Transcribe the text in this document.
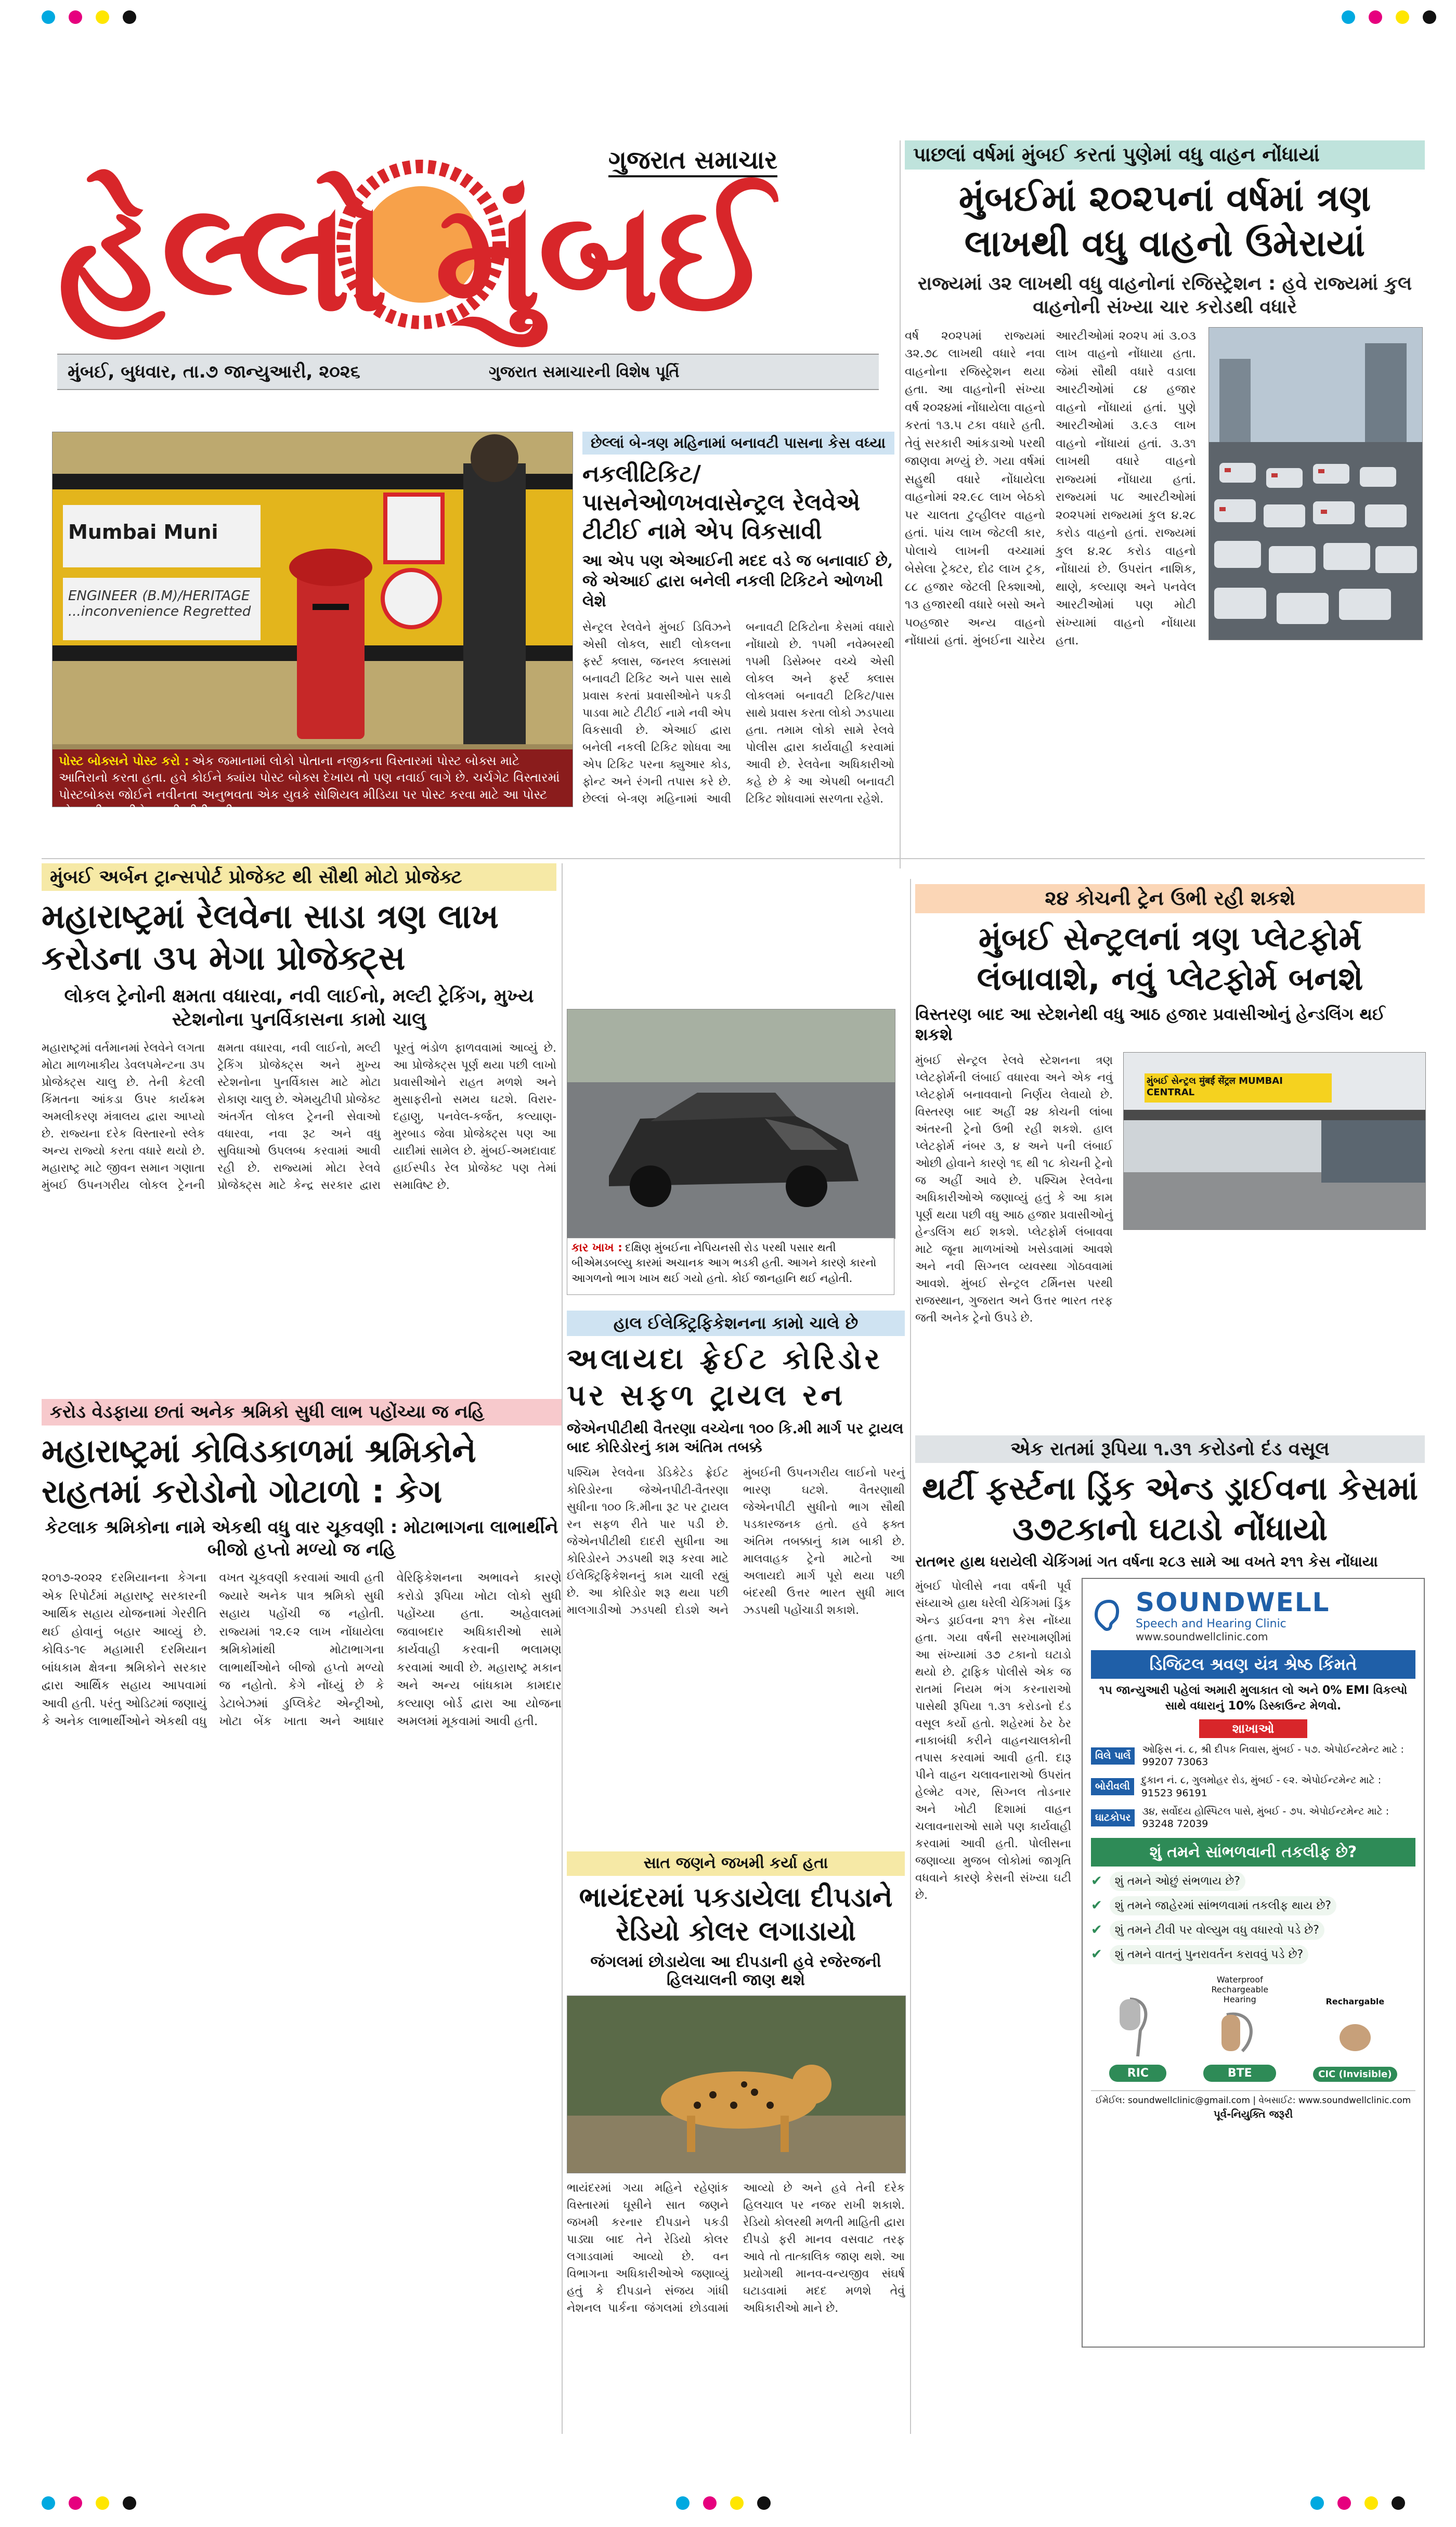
ગુજરાત સમાચાર
હેલ્લો મુંબઈ
મુંબઈ, બુધવાર, તા.૭ જાન્યુઆરી, ૨૦૨૬	ગુજરાત સમાચારની વિશેષ પૂર્તિ
પાછલાં વર્ષમાં મુંબઈ કરતાં પુણેમાં વધુ વાહન નોંધાયાં
મુંબઈમાં ૨૦૨૫નાં વર્ષમાં ત્રણ લાખથી વધુ વાહનો ઉમેરાયાં
રાજ્યમાં ૩૨ લાખથી વધુ વાહનોનાં રજિસ્ટ્રેશન : હવે રાજ્યમાં કુલ વાહનોની સંખ્યા ચાર કરોડથી વધારે
વર્ષ ૨૦૨૫માં રાજ્યમાં ૩૨.૭૮ લાખથી વધારે નવા વાહનોના રજિસ્ટ્રેશન થયા હતા. આ વાહનોની સંખ્યા વર્ષ ૨૦૨૪માં નોંધાયેલા વાહનો કરતાં ૧૩.૫ ટકા વધારે હતી. તેવું સરકારી આંકડાઓ પરથી જાણવા મળ્યું છે. ગયા વર્ષમાં સહુથી વધારે નોંધાયેલા વાહનોમાં ૨૨.૯૮ લાખ બેઠકો પર ચાલતા ટુવ્હીલર વાહનો હતાં. પાંચ લાખ જેટલી કાર, પોલાચે લાખની વચ્ચામાં બેસેલા ટ્રેક્ટર, દોઢ લાખ ટ્રક, ૮૮ હજાર જેટલી રિક્શાઓ, ૧૩ હજારથી વધારે બસો અને ૫૦હજાર અન્ય વાહનો નોંધાયાં હતાં. મુંબઈના ચારેય આરટીઓમાં ૨૦૨૫ માં ૩.૦૩ લાખ વાહનો નોંધાયા હતા. જેમાં સૌથી વધારે વડાલા આરટીઓમાં ૮૪ હજાર વાહનો નોંધાયાં હતાં. પુણે આરટીઓમાં ૩.૯૩ લાખ વાહનો નોંધાયાં હતાં. ૩.૩૧ લાખથી વધારે વાહનો રાજ્યમાં નોંધાયા હતાં. રાજ્યમાં ૫૮ આરટીઓમાં ૨૦૨૫માં રાજ્યમાં કુલ ૪.૨૮ કરોડ વાહનો હતાં. રાજ્યમાં કુલ ૪.૨૮ કરોડ વાહનો નોંધાયાં છે. ઉપરાંત નાશિક, થાણે, કલ્યાણ અને પનવેલ આરટીઓમાં પણ મોટી સંખ્યામાં વાહનો નોંધાયા હતા.
Mumbai Muni
ENGINEER (B.M)/HERITAGE ...inconvenience Regretted
પોસ્ટ બોક્સને પોસ્ટ કરો : એક જમાનામાં લોકો પોતાના નજીકના વિસ્તારમાં પોસ્ટ બોક્સ માટે આતિરાનો કરતા હતા. હવે કોઈને ક્યાંય પોસ્ટ બોક્સ દેખાય તો પણ નવાઈ લાગે છે. ચર્ચગેટ વિસ્તારમાં પોસ્ટબોક્સ જોઈને નવીનતા અનુભવતા એક યુવકે સોશિયલ મીડિયા પર પોસ્ટ કરવા માટે આ પોસ્ટ બોક્સની તસવીરો ઝડપી લીધી હતી.
છેલ્લાં બે-ત્રણ મહિનામાં બનાવટી પાસના કેસ વધ્યા
નકલીટિકિટ/પાસનેઓળખવાસેન્ટ્રલ રેલવેએ ટીટીઈ નામે એપ વિકસાવી
આ એપ પણ એઆઈની મદદ વડે જ બનાવાઈ છે, જે એઆઈ દ્વારા બનેલી નકલી ટિકિટને ઓળખી લેશે
સેન્ટ્રલ રેલવેને મુંબઈ ડિવિઝને એસી લોકલ, સાદી લોકલના ફર્સ્ટ ક્લાસ, જનરલ ક્લાસમાં બનાવટી ટિકિટ અને પાસ સાથે પ્રવાસ કરતાં પ્રવાસીઓને પકડી પાડવા માટે ટીટીઈ નામે નવી એપ વિકસાવી છે. એઆઈ દ્વારા બનેલી નકલી ટિકિટ શોધવા આ એપ ટિકિટ પરના ક્યુઆર કોડ, ફોન્ટ અને રંગની તપાસ કરે છે. છેલ્લાં બે-ત્રણ મહિનામાં આવી બનાવટી ટિકિટોના કેસમાં વધારો નોંધાયો છે. ૧૫મી નવેમ્બરથી ૧૫મી ડિસેમ્બર વચ્ચે એસી લોકલ અને ફર્સ્ટ ક્લાસ લોકલમાં બનાવટી ટિકિટ/પાસ સાથે પ્રવાસ કરતા લોકો ઝડપાયા હતા. તમામ લોકો સામે રેલવે પોલીસ દ્વારા કાર્યવાહી કરવામાં આવી છે. રેલવેના અધિકારીઓ કહે છે કે આ એપથી બનાવટી ટિકિટ શોધવામાં સરળતા રહેશે.
મુંબઈ અર્બન ટ્રાન્સપોર્ટ પ્રોજેક્ટ થી સૌથી મોટો પ્રોજેક્ટ
મહારાષ્ટ્રમાં રેલવેના સાડા ત્રણ લાખ કરોડના ૩૫ મેગા પ્રોજેક્ટ્સ
લોકલ ટ્રેનોની ક્ષમતા વધારવા, નવી લાઈનો, મલ્ટી ટ્રેકિંગ, મુખ્ય સ્ટેશનોના પુનર્વિકાસના કામો ચાલુ
મહારાષ્ટ્રમાં વર્તમાનમાં રેલવેને લગતા મોટા માળખાકીય ડેવલપમેન્ટના ૩૫ પ્રોજેક્ટ્સ ચાલુ છે. તેની કેટલી કિંમતના આંકડા ઉપર કાર્યક્રમ અમલીકરણ મંત્રાલય દ્વારા આપ્યો છે. રાજ્યના દરેક વિસ્તારનો સ્લેક અન્ય રાજ્યો કરતા વધારે થયો છે. મહારાષ્ટ્ર માટે જીવન સમાન ગણાતા મુંબઈ ઉપનગરીય લોકલ ટ્રેનની ક્ષમતા વધારવા, નવી લાઈનો, મલ્ટી ટ્રેકિંગ પ્રોજેક્ટ્સ અને મુખ્ય સ્ટેશનોના પુનર્વિકાસ માટે મોટા રોકાણ ચાલુ છે. એમયુટીપી પ્રોજેક્ટ અંતર્ગત લોકલ ટ્રેનની સેવાઓ વધારવા, નવા રૂટ અને વધુ સુવિધાઓ ઉપલબ્ધ કરવામાં આવી રહી છે. રાજ્યમાં મોટા રેલવે પ્રોજેક્ટ્સ માટે કેન્દ્ર સરકાર દ્વારા પૂરતું ભંડોળ ફાળવવામાં આવ્યું છે. આ પ્રોજેક્ટ્સ પૂર્ણ થયા પછી લાખો પ્રવાસીઓને રાહત મળશે અને મુસાફરીનો સમય ઘટશે. વિરાર-દહાણુ, પનવેલ-કર્જત, કલ્યાણ-મુરબાડ જેવા પ્રોજેક્ટ્સ પણ આ યાદીમાં સામેલ છે. મુંબઈ-અમદાવાદ હાઈસ્પીડ રેલ પ્રોજેક્ટ પણ તેમાં સમાવિષ્ટ છે.
કાર ખાખ : દક્ષિણ મુંબઈના નેપિયનસી રોડ પરથી પસાર થતી બીએમડબલ્યુ કારમાં અચાનક આગ ભડકી હતી. આગને કારણે કારનો આગળનો ભાગ ખાખ થઈ ગયો હતો. કોઈ જાનહાનિ થઈ નહોતી.
હાલ ઈલેક્ટ્રિફિકેશનના કામો ચાલે છે
અલાયદા ફ્રેઈટ કોરિડોર પર સફળ ટ્રાયલ રન
જેએનપીટીથી વૈતરણા વચ્ચેના ૧૦૦ કિ.મી માર્ગ પર ટ્રાયલ બાદ કોરિડોરનું કામ અંતિમ તબક્કે
પશ્ચિમ રેલવેના ડેડિકેટેડ ફ્રેઈટ કોરિડોરના જેએનપીટી-વૈતરણા સુધીના ૧૦૦ કિ.મીના રૂટ પર ટ્રાયલ રન સફળ રીતે પાર પડી છે. જેએનપીટીથી દાદરી સુધીના આ કોરિડોરને ઝડપથી શરૂ કરવા માટે ઈલેક્ટ્રિફિકેશનનું કામ ચાલી રહ્યું છે. આ કોરિડોર શરૂ થયા પછી માલગાડીઓ ઝડપથી દોડશે અને મુંબઈની ઉપનગરીય લાઈનો પરનું ભારણ ઘટશે. વૈતરણાથી જેએનપીટી સુધીનો ભાગ સૌથી પડકારજનક હતો. હવે ફક્ત અંતિમ તબક્કાનું કામ બાકી છે. માલવાહક ટ્રેનો માટેનો આ અલાયદો માર્ગ પૂરો થયા પછી બંદરથી ઉત્તર ભારત સુધી માલ ઝડપથી પહોંચાડી શકાશે.
૨૪ કોચની ટ્રેન ઉભી રહી શકશે
મુંબઈ સેન્ટ્રલનાં ત્રણ પ્લેટફોર્મ લંબાવાશે, નવું પ્લેટફોર્મ બનશે
વિસ્તરણ બાદ આ સ્ટેશનેથી વધુ આઠ હજાર પ્રવાસીઓનું હેન્ડલિંગ થઈ શકશે
મુંબઈ સેન્ટ્રલ રેલવે સ્ટેશનના ત્રણ પ્લેટફોર્મની લંબાઈ વધારવા અને એક નવું પ્લેટફોર્મ બનાવવાનો નિર્ણય લેવાયો છે. વિસ્તરણ બાદ અહીં ૨૪ કોચની લાંબા અંતરની ટ્રેનો ઉભી રહી શકશે. હાલ પ્લેટફોર્મ નંબર ૩, ૪ અને ૫ની લંબાઈ ઓછી હોવાને કારણે ૧૬ થી ૧૮ કોચની ટ્રેનો જ અહીં આવે છે. પશ્ચિમ રેલવેના અધિકારીઓએ જણાવ્યું હતું કે આ કામ પૂર્ણ થયા પછી વધુ આઠ હજાર પ્રવાસીઓનું હેન્ડલિંગ થઈ શકશે. પ્લેટફોર્મ લંબાવવા માટે જૂના માળખાંઓ ખસેડવામાં આવશે અને નવી સિગ્નલ વ્યવસ્થા ગોઠવવામાં આવશે. મુંબઈ સેન્ટ્રલ ટર્મિનસ પરથી રાજસ્થાન, ગુજરાત અને ઉત્તર ભારત તરફ જતી અનેક ટ્રેનો ઉપડે છે.
મુંબઈ સેન્ટ્રલ मुंबई सेंट्रल MUMBAI CENTRAL
કરોડ વેડફાયા છતાં અનેક શ્રમિકો સુધી લાભ પહોંચ્યા જ નહિ
મહારાષ્ટ્રમાં કોવિડકાળમાં શ્રમિકોને રાહતમાં કરોડોનો ગોટાળો : કેગ
કેટલાક શ્રમિકોના નામે એકથી વધુ વાર ચૂકવણી : મોટાભાગના લાભાર્થીને બીજો હપ્તો મળ્યો જ નહિ
૨૦૧૭-૨૦૨૨ દરમિયાનના કેગના એક રિપોર્ટમાં મહારાષ્ટ્ર સરકારની આર્થિક સહાય યોજનામાં ગેરરીતિ થઈ હોવાનું બહાર આવ્યું છે. કોવિડ-૧૯ મહામારી દરમિયાન બાંધકામ ક્ષેત્રના શ્રમિકોને સરકાર દ્વારા આર્થિક સહાય આપવામાં આવી હતી. પરંતુ ઓડિટમાં જણાયું કે અનેક લાભાર્થીઓને એકથી વધુ વખત ચૂકવણી કરવામાં આવી હતી જ્યારે અનેક પાત્ર શ્રમિકો સુધી સહાય પહોંચી જ નહોતી. રાજ્યમાં ૧૨.૯૨ લાખ નોંધાયેલા શ્રમિકોમાંથી મોટાભાગના લાભાર્થીઓને બીજો હપ્તો મળ્યો જ નહોતો. કેગે નોંધ્યું છે કે ડેટાબેઝમાં ડુપ્લિકેટ એન્ટ્રીઓ, ખોટા બેંક ખાતા અને આધાર વેરિફિકેશનના અભાવને કારણે કરોડો રૂપિયા ખોટા લોકો સુધી પહોંચ્યા હતા. અહેવાલમાં જવાબદાર અધિકારીઓ સામે કાર્યવાહી કરવાની ભલામણ કરવામાં આવી છે. મહારાષ્ટ્ર મકાન અને અન્ય બાંધકામ કામદાર કલ્યાણ બોર્ડ દ્વારા આ યોજના અમલમાં મૂકવામાં આવી હતી.
સાત જણને જખમી કર્યા હતા
ભાયંદરમાં પકડાયેલા દીપડાને રેડિયો કોલર લગાડાયો
જંગલમાં છોડાયેલા આ દીપડાની હવે રજેરજની હિલચાલની જાણ થશે
ભાયંદરમાં ગયા મહિને રહેણાંક વિસ્તારમાં ઘૂસીને સાત જણને જખમી કરનાર દીપડાને પકડી પાડ્યા બાદ તેને રેડિયો કોલર લગાડવામાં આવ્યો છે. વન વિભાગના અધિકારીઓએ જણાવ્યું હતું કે દીપડાને સંજય ગાંધી નેશનલ પાર્કના જંગલમાં છોડવામાં આવ્યો છે અને હવે તેની દરેક હિલચાલ પર નજર રાખી શકાશે. રેડિયો કોલરથી મળતી માહિતી દ્વારા દીપડો ફરી માનવ વસવાટ તરફ આવે તો તાત્કાલિક જાણ થશે. આ પ્રયોગથી માનવ-વન્યજીવ સંઘર્ષ ઘટાડવામાં મદદ મળશે તેવું અધિકારીઓ માને છે.
એક રાતમાં રૂપિયા ૧.૩૧ કરોડનો દંડ વસૂલ
થર્ટી ફર્સ્ટના ડ્રિંક એન્ડ ડ્રાઈવના કેસમાં ૩૭ટકાનો ઘટાડો નોંધાયો
રાતભર હાથ ધરાયેલી ચેકિંગમાં ગત વર્ષના ૨૮૩ સામે આ વખતે ૨૧૧ કેસ નોંધાયા
મુંબઈ પોલીસે નવા વર્ષની પૂર્વ સંધ્યાએ હાથ ધરેલી ચેકિંગમાં ડ્રિંક એન્ડ ડ્રાઈવના ૨૧૧ કેસ નોંધ્યા હતા. ગયા વર્ષની સરખામણીમાં આ સંખ્યામાં ૩૭ ટકાનો ઘટાડો થયો છે. ટ્રાફિક પોલીસે એક જ રાતમાં નિયમ ભંગ કરનારાઓ પાસેથી રૂપિયા ૧.૩૧ કરોડનો દંડ વસૂલ કર્યો હતો. શહેરમાં ઠેર ઠેર નાકાબંધી કરીને વાહનચાલકોની તપાસ કરવામાં આવી હતી. દારૂ પીને વાહન ચલાવનારાઓ ઉપરાંત હેલ્મેટ વગર, સિગ્નલ તોડનાર અને ખોટી દિશામાં વાહન ચલાવનારાઓ સામે પણ કાર્યવાહી કરવામાં આવી હતી. પોલીસના જણાવ્યા મુજબ લોકોમાં જાગૃતિ વધવાને કારણે કેસની સંખ્યા ઘટી છે.
SOUNDWELL
Speech and Hearing Clinic
www.soundwellclinic.com
ડિજિટલ શ્રવણ યંત્ર શ્રેષ્ઠ કિંમતે
૧૫ જાન્યુઆરી પહેલાં અમારી મુલાકાત લો અને 0% EMI વિકલ્પો સાથે વધારાનું 10% ડિસ્કાઉન્ટ મેળવો.
શાખાઓ
વિલે પાર્લે
ઓફિસ નં. ૮, શ્રી દીપક નિવાસ, મુંબઈ - ૫૭. એપોઈન્ટમેન્ટ માટે : 99207 73063
બોરીવલી
દુકાન નં. ૮, ગુલમોહર રોડ, મુંબઈ - ૯૨. એપોઈન્ટમેન્ટ માટે : 91523 96191
ઘાટકોપર
૩૪, સર્વોદય હોસ્પિટલ પાસે, મુંબઈ - ૭૫. એપોઈન્ટમેન્ટ માટે : 93248 72039
શું તમને સાંભળવાની તકલીફ છે?
✔	શું તમને ઓછું સંભળાય છે?
✔	શું તમને જાહેરમાં સાંભળવામાં તકલીફ થાય છે?
✔	શું તમને ટીવી પર વોલ્યુમ વધુ વધારવો પડે છે?
✔	શું તમને વાતનું પુનરાવર્તન કરાવવું પડે છે?
RIC
Waterproof Rechargeable Hearing
BTE
Rechargable
CIC (Invisible)
ઈમેઈલ: soundwellclinic@gmail.com | વેબસાઈટ: www.soundwellclinic.com
પૂર્વ-નિયુક્તિ જરૂરી
